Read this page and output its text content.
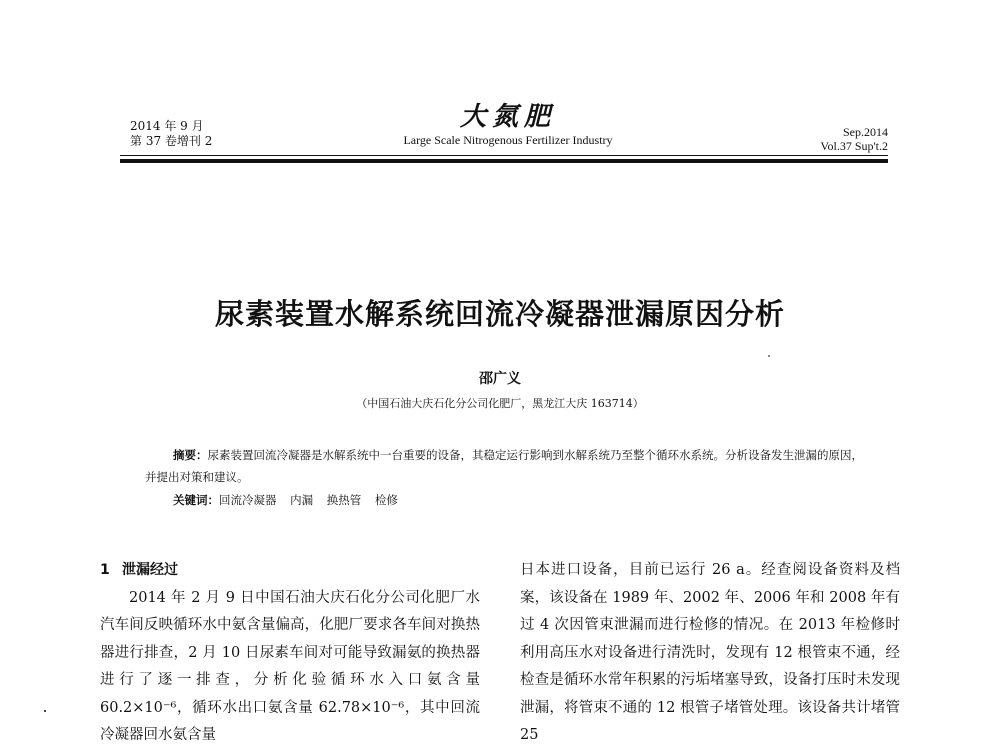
2014 年 9 月
第 37 卷增刊 2
大氮肥
Large Scale Nitrogenous Fertilizer Industry
Sep.2014
Vol.37 Sup't.2
尿素装置水解系统回流冷凝器泄漏原因分析
邵广义
（中国石油大庆石化分公司化肥厂，黑龙江大庆 163714）
摘要：尿素装置回流冷凝器是水解系统中一台重要的设备，其稳定运行影响到水解系统乃至整个循环水系统。分析设备发生泄漏的原因，并提出对策和建议。
关键词：回流冷凝器 内漏 换热管 检修
1 泄漏经过

2014 年 2 月 9 日中国石油大庆石化分公司化肥厂水汽车间反映循环水中氨含量偏高，化肥厂要求各车间对换热器进行排查，2 月 10 日尿素车间对可能导致漏氨的换热器进行了逐一排查，分析化验循环水入口氨含量 60.2×10⁻⁶，循环水出口氨含量 62.78×10⁻⁶，其中回流冷凝器回水氨含量

日本进口设备，目前已运行 26 a。经查阅设备资料及档案，该设备在 1989 年、2002 年、2006 年和 2008 年有过 4 次因管束泄漏而进行检修的情况。在 2013 年检修时利用高压水对设备进行清洗时，发现有 12 根管束不通，经检查是循环水常年积累的污垢堵塞导致，设备打压时未发现泄漏，将管束不通的 12 根管子堵管处理。该设备共计堵管 25
